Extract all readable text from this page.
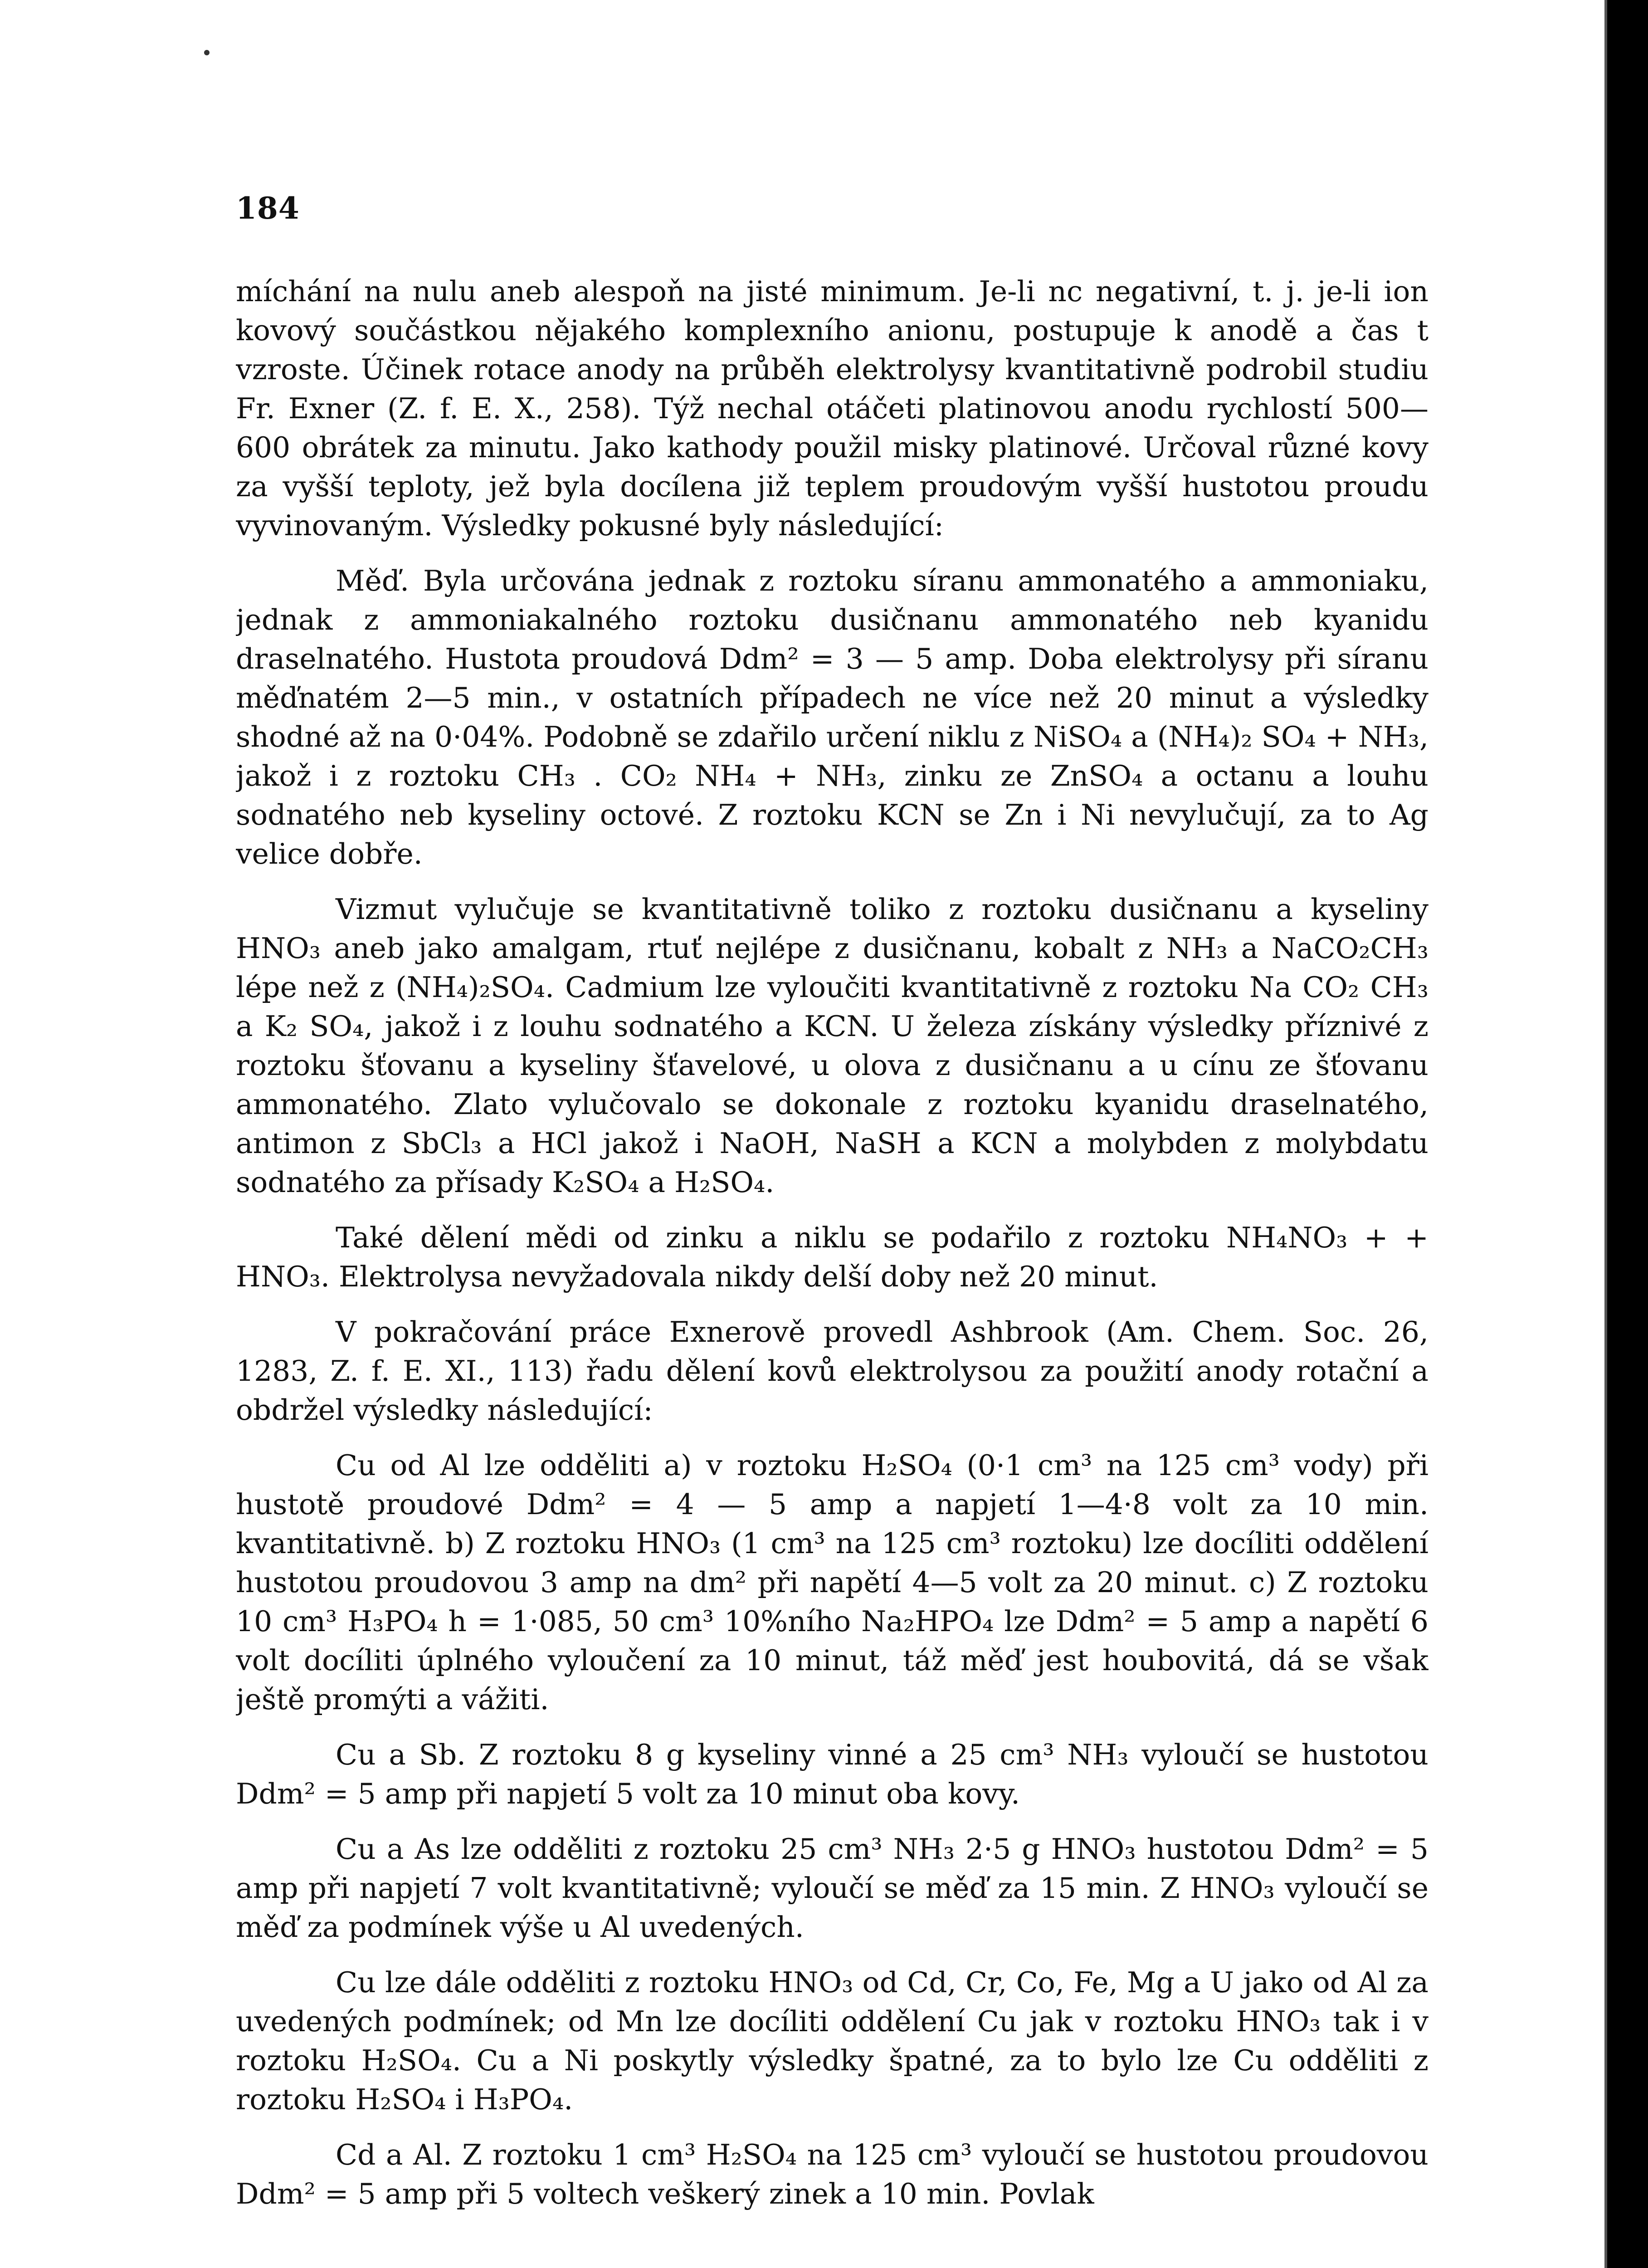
184

míchání na nulu aneb alespoň na jisté minimum. Je-li nc negativní, t. j. je-li ion kovový součástkou nějakého komplexního anionu, postupuje k anodě a čas t vzroste. Účinek rotace anody na průběh elektrolysy kvantitativně podrobil studiu Fr. Exner (Z. f. E. X., 258). Týž nechal otáčeti platinovou anodu rychlostí 500—600 obrátek za minutu. Jako kathody použil misky platinové. Určoval různé kovy za vyšší teploty, jež byla docílena již teplem proudovým vyšší hustotou proudu vyvinovaným. Výsledky pokusné byly následující:

Měď. Byla určována jednak z roztoku síranu ammonatého a ammoniaku, jednak z ammoniakalného roztoku dusičnanu ammonatého neb kyanidu draselnatého. Hustota proudová Ddm² = 3 — 5 amp. Doba elektrolysy při síranu měďnatém 2—5 min., v ostatních případech ne více než 20 minut a výsledky shodné až na 0·04%. Podobně se zdařilo určení niklu z NiSO₄ a (NH₄)₂ SO₄ + NH₃, jakož i z roztoku CH₃ . CO₂ NH₄ + NH₃, zinku ze ZnSO₄ a octanu a louhu sodnatého neb kyseliny octové. Z roztoku KCN se Zn i Ni nevylučují, za to Ag velice dobře.

Vizmut vylučuje se kvantitativně toliko z roztoku dusičnanu a kyseliny HNO₃ aneb jako amalgam, rtuť nejlépe z dusičnanu, kobalt z NH₃ a NaCO₂CH₃ lépe než z (NH₄)₂SO₄. Cadmium lze vyloučiti kvantitativně z roztoku Na CO₂ CH₃ a K₂ SO₄, jakož i z louhu sodnatého a KCN. U železa získány výsledky příznivé z roztoku šťovanu a kyseliny šťavelové, u olova z dusičnanu a u cínu ze šťovanu ammonatého. Zlato vylučovalo se dokonale z roztoku kyanidu draselnatého, antimon z SbCl₃ a HCl jakož i NaOH, NaSH a KCN a molybden z molybdatu sodnatého za přísady K₂SO₄ a H₂SO₄.

Také dělení mědi od zinku a niklu se podařilo z roztoku NH₄NO₃ + + HNO₃. Elektrolysa nevyžadovala nikdy delší doby než 20 minut.

V pokračování práce Exnerově provedl Ashbrook (Am. Chem. Soc. 26, 1283, Z. f. E. XI., 113) řadu dělení kovů elektrolysou za použití anody rotační a obdržel výsledky následující:

Cu od Al lze odděliti a) v roztoku H₂SO₄ (0·1 cm³ na 125 cm³ vody) při hustotě proudové Ddm² = 4 — 5 amp a napjetí 1—4·8 volt za 10 min. kvantitativně. b) Z roztoku HNO₃ (1 cm³ na 125 cm³ roztoku) lze docíliti oddělení hustotou proudovou 3 amp na dm² při napětí 4—5 volt za 20 minut. c) Z roztoku 10 cm³ H₃PO₄ h = 1·085, 50 cm³ 10%ního Na₂HPO₄ lze Ddm² = 5 amp a napětí 6 volt docíliti úplného vyloučení za 10 minut, táž měď jest houbovitá, dá se však ještě promýti a vážiti.

Cu a Sb. Z roztoku 8 g kyseliny vinné a 25 cm³ NH₃ vyloučí se hustotou Ddm² = 5 amp při napjetí 5 volt za 10 minut oba kovy.

Cu a As lze odděliti z roztoku 25 cm³ NH₃ 2·5 g HNO₃ hustotou Ddm² = 5 amp při napjetí 7 volt kvantitativně; vyloučí se měď za 15 min. Z HNO₃ vyloučí se měď za podmínek výše u Al uvedených.

Cu lze dále odděliti z roztoku HNO₃ od Cd, Cr, Co, Fe, Mg a U jako od Al za uvedených podmínek; od Mn lze docíliti oddělení Cu jak v roztoku HNO₃ tak i v roztoku H₂SO₄. Cu a Ni poskytly výsledky špatné, za to bylo lze Cu odděliti z roztoku H₂SO₄ i H₃PO₄.

Cd a Al. Z roztoku 1 cm³ H₂SO₄ na 125 cm³ vyloučí se hustotou proudovou Ddm² = 5 amp při 5 voltech veškerý zinek a 10 min. Povlak
